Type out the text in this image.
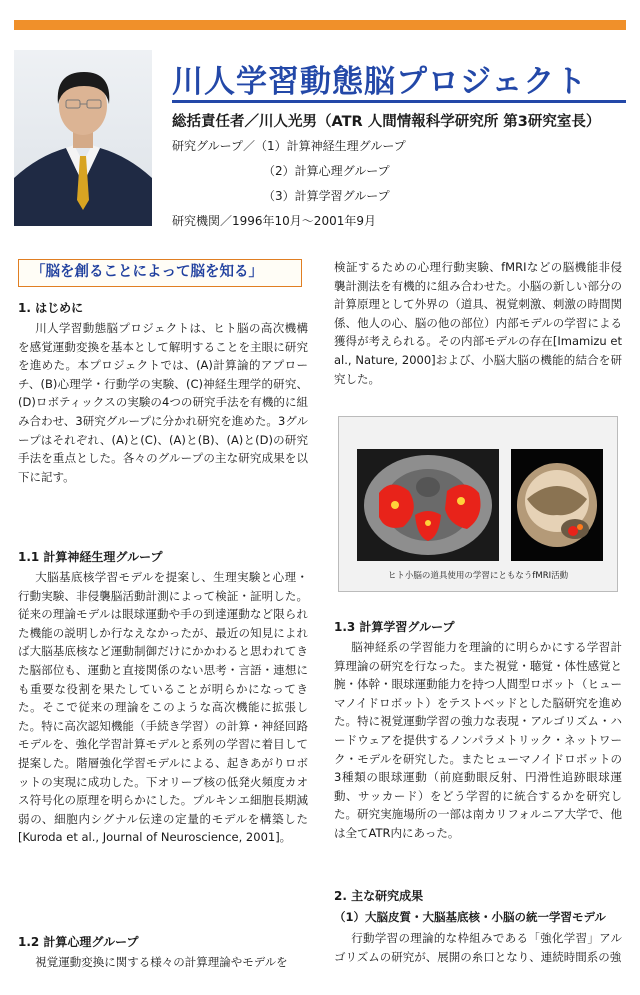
川人学習動態脳プロジェクト
総括責任者／川人光男（ATR 人間情報科学研究所 第3研究室長）
研究グループ／（1）計算神経生理グループ
（2）計算心理グループ
（3）計算学習グループ
研究機関／1996年10月～2001年9月
「脳を創ることによって脳を知る」
1. はじめに

川人学習動態脳プロジェクトは、ヒト脳の高次機構を感覚運動変換を基本として解明することを主眼に研究を進めた。本プロジェクトでは、(A)計算論的アプローチ、(B)心理学・行動学の実験、(C)神経生理学的研究、(D)ロボティックスの実験の4つの研究手法を有機的に組み合わせ、3研究グループに分かれ研究を進めた。3グループはそれぞれ、(A)と(C)、(A)と(B)、(A)と(D)の研究手法を重点とした。各々のグループの主な研究成果を以下に記す。

1.1 計算神経生理グループ

大脳基底核学習モデルを提案し、生理実験と心理・行動実験、非侵襲脳活動計測によって検証・証明した。従来の理論モデルは眼球運動や手の到達運動など限られた機能の説明しか行なえなかったが、最近の知見によれば大脳基底核など運動制御だけにかかわると思われてきた脳部位も、運動と直接関係のない思考・言語・連想にも重要な役割を果たしていることが明らかになってきた。そこで従来の理論をこのような高次機能に拡張した。特に高次認知機能（手続き学習）の計算・神経回路モデルを、強化学習計算モデルと系列の学習に着目して提案した。階層強化学習モデルによる、起きあがりロボットの実現に成功した。下オリーブ核の低発火頻度カオス符号化の原理を明らかにした。プルキンエ細胞長期減弱の、細胞内シグナル伝達の定量的モデルを構築した[Kuroda et al., Journal of Neuroscience, 2001]。

1.2 計算心理グループ

視覚運動変換に関する様々の計算理論やモデルを

検証するための心理行動実験、fMRIなどの脳機能非侵襲計測法を有機的に組み合わせた。小脳の新しい部分の計算原理として外界の（道具、視覚刺激、刺激の時間関係、他人の心、脳の他の部位）内部モデルの学習による獲得が考えられる。その内部モデルの存在[Imamizu et al., Nature, 2000]および、小脳大脳の機能的結合を研究した。

ヒト小脳の道具使用の学習にともなうfMRI活動
1.3 計算学習グループ

脳神経系の学習能力を理論的に明らかにする学習計算理論の研究を行なった。また視覚・聴覚・体性感覚と腕・体幹・眼球運動能力を持つ人間型ロボット（ヒューマノイドロボット）をテストベッドとした脳研究を進めた。特に視覚運動学習の強力な表現・アルゴリズム・ハードウェアを提供するノンパラメトリック・ネットワーク・モデルを研究した。またヒューマノイドロボットの3種類の眼球運動（前庭動眼反射、円滑性追跡眼球運動、サッカード）をどう学習的に統合するかを研究した。研究実施場所の一部は南カリフォルニア大学で、他は全てATR内にあった。

2. 主な研究成果
（1）大脳皮質・大脳基底核・小脳の統一学習モデル

行動学習の理論的な枠組みである「強化学習」アルゴリズムの研究が、展開の糸口となり、連続時間系の強
